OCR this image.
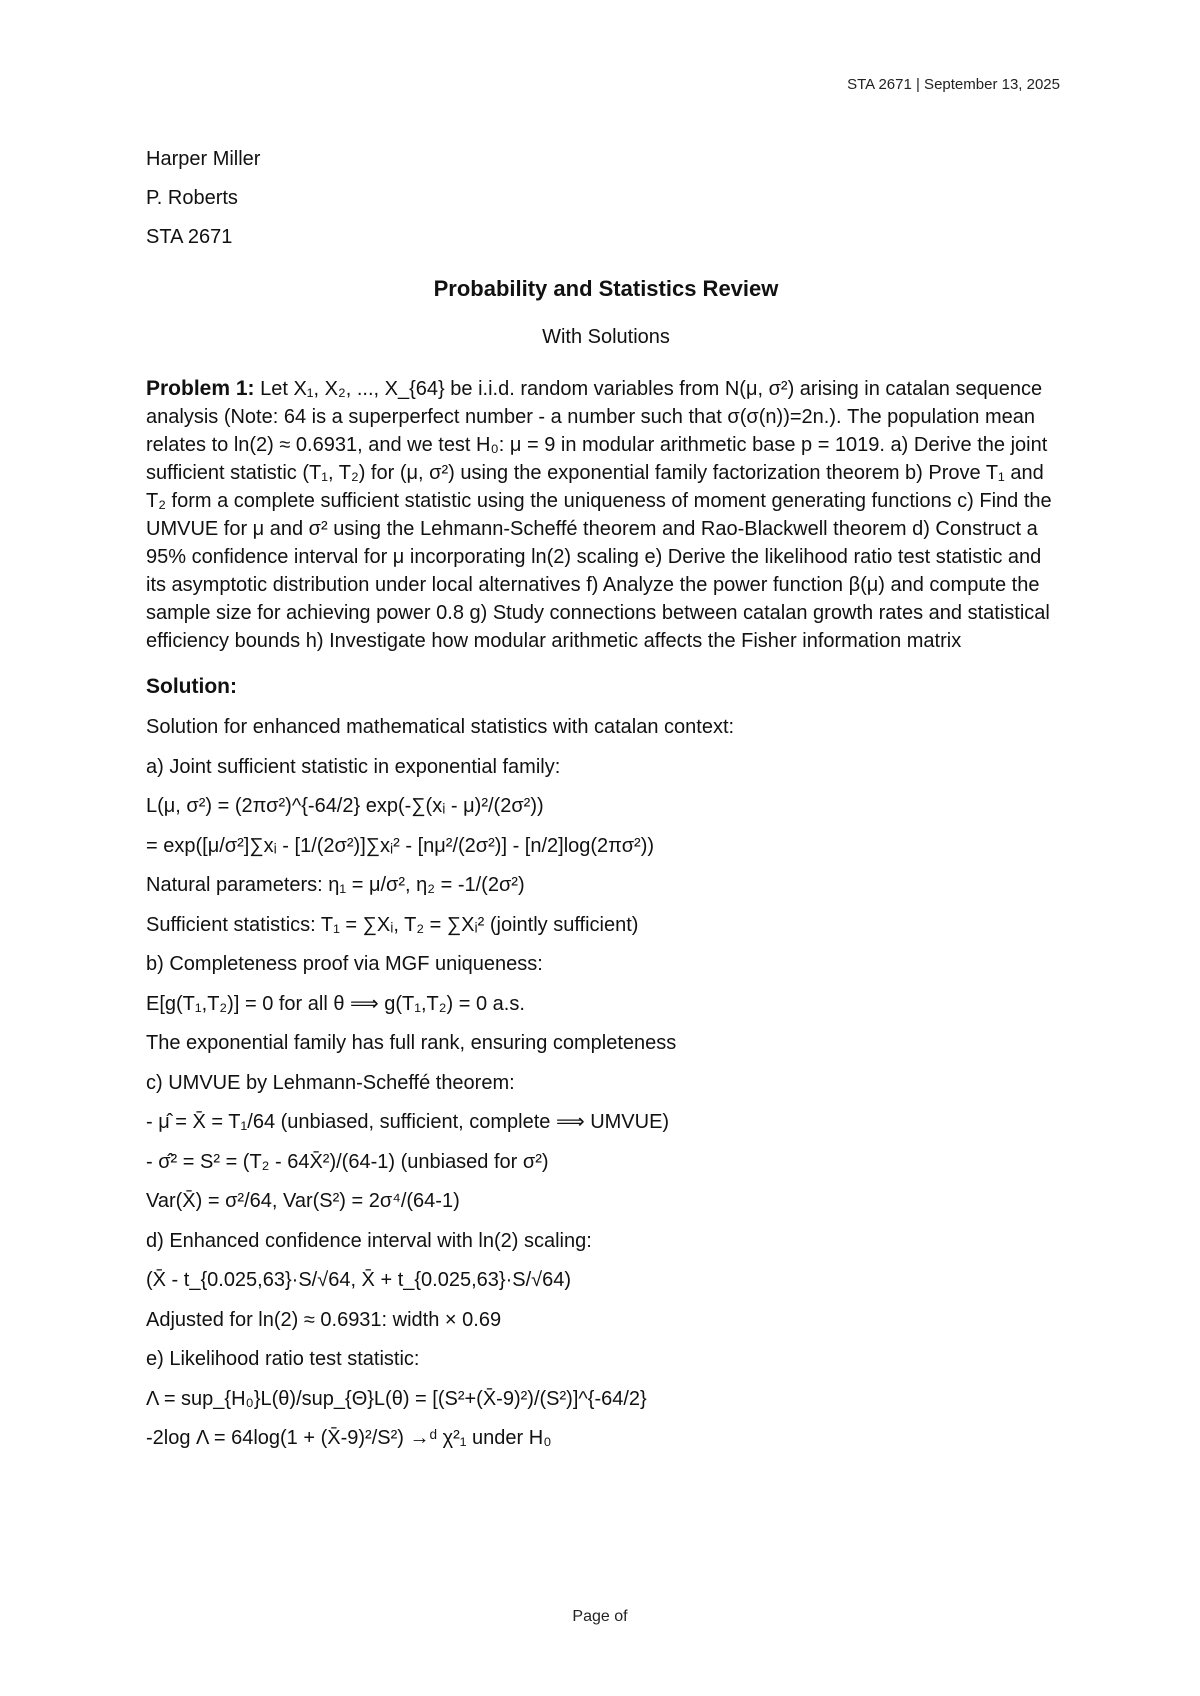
STA 2671 | September 13, 2025

Harper Miller

P. Roberts

STA 2671

Probability and Statistics Review
With Solutions

Problem 1: Let X₁, X₂, ..., X_{64} be i.i.d. random variables from N(μ, σ²) arising in catalan sequence analysis (Note: 64 is a superperfect number - a number such that σ(σ(n))=2n.). The population mean relates to ln(2) ≈ 0.6931, and we test H₀: μ = 9 in modular arithmetic base p = 1019. a) Derive the joint sufficient statistic (T₁, T₂) for (μ, σ²) using the exponential family factorization theorem b) Prove T₁ and T₂ form a complete sufficient statistic using the uniqueness of moment generating functions c) Find the UMVUE for μ and σ² using the Lehmann-Scheffé theorem and Rao-Blackwell theorem d) Construct a 95% confidence interval for μ incorporating ln(2) scaling e) Derive the likelihood ratio test statistic and its asymptotic distribution under local alternatives f) Analyze the power function β(μ) and compute the sample size for achieving power 0.8 g) Study connections between catalan growth rates and statistical efficiency bounds h) Investigate how modular arithmetic affects the Fisher information matrix

Solution:

Solution for enhanced mathematical statistics with catalan context:

a) Joint sufficient statistic in exponential family:

L(μ, σ²) = (2πσ²)^{-64/2} exp(-∑(xᵢ - μ)²/(2σ²))

= exp([μ/σ²]∑xᵢ - [1/(2σ²)]∑xᵢ² - [nμ²/(2σ²)] - [n/2]log(2πσ²))

Natural parameters: η₁ = μ/σ², η₂ = -1/(2σ²)

Sufficient statistics: T₁ = ∑Xᵢ, T₂ = ∑Xᵢ² (jointly sufficient)

b) Completeness proof via MGF uniqueness:

E[g(T₁,T₂)] = 0 for all θ ⟹ g(T₁,T₂) = 0 a.s.

The exponential family has full rank, ensuring completeness

c) UMVUE by Lehmann-Scheffé theorem:

- μ̂ = X̄ = T₁/64 (unbiased, sufficient, complete ⟹ UMVUE)

- σ̂² = S² = (T₂ - 64X̄²)/(64-1) (unbiased for σ²)

Var(X̄) = σ²/64, Var(S²) = 2σ⁴/(64-1)

d) Enhanced confidence interval with ln(2) scaling:

(X̄ - t_{0.025,63}·S/√64, X̄ + t_{0.025,63}·S/√64)

Adjusted for ln(2) ≈ 0.6931: width × 0.69

e) Likelihood ratio test statistic:

Λ = sup_{H₀}L(θ)/sup_{Θ}L(θ) = [(S²+(X̄-9)²)/(S²)]^{-64/2}

-2log Λ = 64log(1 + (X̄-9)²/S²) →ᵈ χ²₁ under H₀

Page of
